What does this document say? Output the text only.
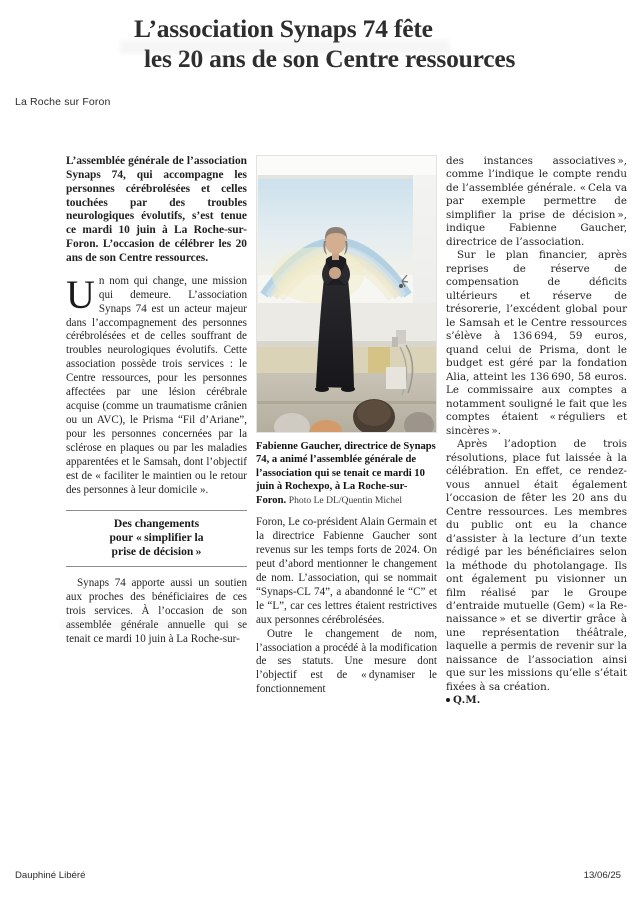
L’association Synaps 74 fête
les 20 ans de son Centre ressources
La Roche sur Foron

L’assemblée générale de l’association Synaps 74, qui accompagne les personnes cérébrolésées et celles touchées par des troubles neurologiques évolutifs, s’est tenue ce mardi 10 juin à La Roche-sur-Foron. L’occasion de célébrer les 20 ans de son Centre ressources.

Un nom qui change, une mission qui demeure. L’association Synaps 74 est un acteur majeur dans l’accompagnement des personnes cérébrolésées et de celles souffrant de troubles neurologiques évolutifs. Cette association possède trois services : le Centre ressources, pour les personnes affectées par une lésion cérébrale acquise (comme un traumatisme crânien ou un AVC), le Prisma “Fil d’Ariane”, pour les personnes concernées par la sclérose en plaques ou par les maladies apparentées et le Samsah, dont l’objectif est de « faciliter le maintien ou le retour des personnes à leur domicile ».

Des changements
pour « simplifier la
prise de décision »

Synaps 74 apporte aussi un soutien aux proches des bénéficiaires de ces trois services. À l’occasion de son assemblée générale annuelle qui se tenait ce mardi 10 juin à La Roche-sur-

Fabienne Gaucher, directrice de Synaps 74, a animé l’assemblée générale de l’association qui se tenait ce mardi 10 juin à Rochexpo, à La Roche-sur-Foron. Photo Le DL/Quentin Michel

Foron, Le co-président Alain Germain et la directrice Fabienne Gaucher sont revenus sur les temps forts de 2024. On peut d’abord mentionner le changement de nom. L’association, qui se nommait “Synaps-CL 74”, a abandonné le “C” et le “L”, car ces lettres étaient restrictives aux personnes cérébrolésées.

Outre le changement de nom, l’association a procédé à la modification de ses statuts. Une mesure dont l’objectif est de « dynamiser le fonctionnement

des instances associatives », comme l’indique le compte rendu de l’assemblée générale. « Cela va par exemple permettre de simplifier la prise de décision », indique Fabienne Gaucher, directrice de l’association.

Sur le plan financier, après reprises de réserve de compensation de déficits ultérieurs et réserve de trésorerie, l’excédent global pour le Samsah et le Centre ressources s’élève à 136 694, 59 euros, quand celui de Prisma, dont le budget est géré par la fondation Alia, atteint les 136 690, 58 euros. Le commissaire aux comptes a notamment souligné le fait que les comptes étaient « réguliers et sincères ».

Après l’adoption de trois résolutions, place fut laissée à la célébration. En effet, ce rendez-vous annuel était également l’occasion de fêter les 20 ans du Centre ressources. Les membres du public ont eu la chance d’assister à la lecture d’un texte rédigé par les bénéficiaires selon la méthode du photolangage. Ils ont également pu visionner un film réalisé par le Groupe d’entraide mutuelle (Gem) « la Re-naissance » et se divertir grâce à une représentation théâtrale, laquelle a permis de revenir sur la naissance de l’association ainsi que sur les missions qu’elle s’était fixées à sa création.

Q.M.

Dauphiné Libéré	13/06/25
